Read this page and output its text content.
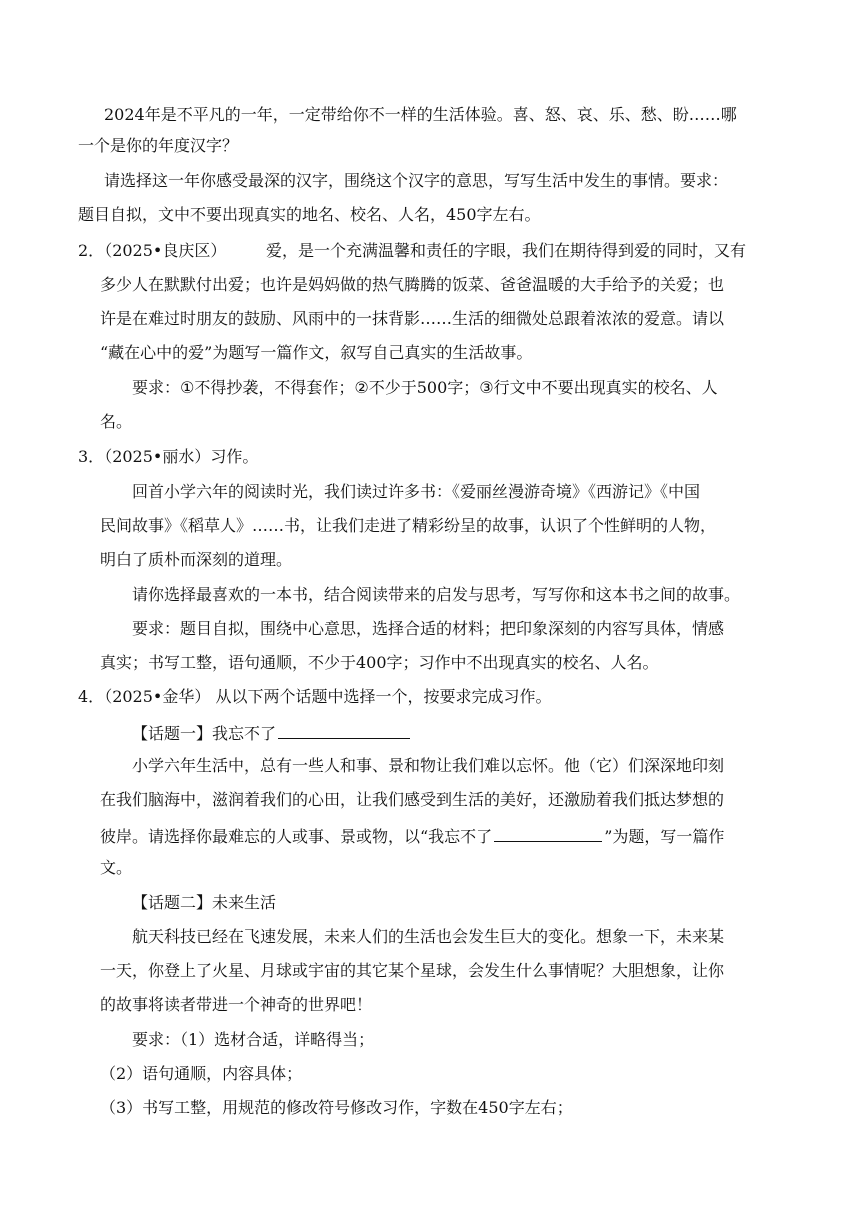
2024年是不平凡的一年，一定带给你不一样的生活体验。喜、怒、哀、乐、愁、盼……哪
一个是你的年度汉字？
请选择这一年你感受最深的汉字，围绕这个汉字的意思，写写生活中发生的事情。要求：
题目自拟，文中不要出现真实的地名、校名、人名，450字左右。
2．（2025•良庆区） 爱，是一个充满温馨和责任的字眼，我们在期待得到爱的同时，又有
多少人在默默付出爱；也许是妈妈做的热气腾腾的饭菜、爸爸温暖的大手给予的关爱；也
许是在难过时朋友的鼓励、风雨中的一抹背影……生活的细微处总跟着浓浓的爱意。请以
“藏在心中的爱”为题写一篇作文，叙写自己真实的生活故事。
要求：①不得抄袭，不得套作；②不少于500字；③行文中不要出现真实的校名、人
名。
3．（2025•丽水）习作。
回首小学六年的阅读时光，我们读过许多书：《爱丽丝漫游奇境》《西游记》《中国
民间故事》《稻草人》……书，让我们走进了精彩纷呈的故事，认识了个性鲜明的人物，
明白了质朴而深刻的道理。
请你选择最喜欢的一本书，结合阅读带来的启发与思考，写写你和这本书之间的故事。
要求：题目自拟，围绕中心意思，选择合适的材料；把印象深刻的内容写具体，情感
真实；书写工整，语句通顺，不少于400字；习作中不出现真实的校名、人名。
4．（2025•金华） 从以下两个话题中选择一个，按要求完成习作。
【话题一】我忘不了
小学六年生活中，总有一些人和事、景和物让我们难以忘怀。他（它）们深深地印刻
在我们脑海中，滋润着我们的心田，让我们感受到生活的美好，还激励着我们抵达梦想的
彼岸。请选择你最难忘的人或事、景或物，以“我忘不了	”为题，写一篇作
文。
【话题二】未来生活
航天科技已经在飞速发展，未来人们的生活也会发生巨大的变化。想象一下，未来某
一天，你登上了火星、月球或宇宙的其它某个星球，会发生什么事情呢？大胆想象，让你
的故事将读者带进一个神奇的世界吧！
要求：（1）选材合适，详略得当；
（2）语句通顺，内容具体；
（3）书写工整，用规范的修改符号修改习作，字数在450字左右；
